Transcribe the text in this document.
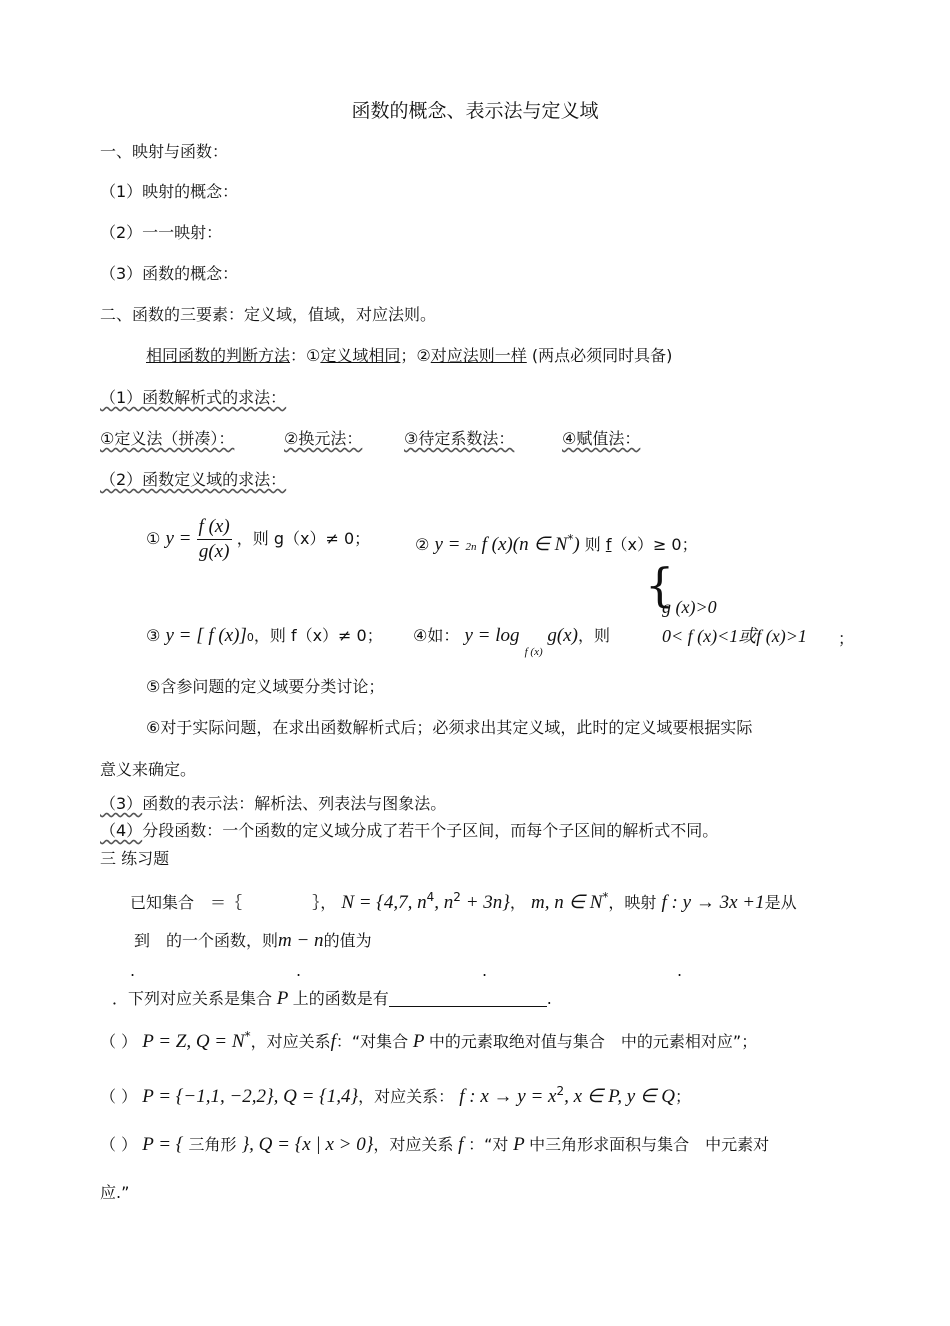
函数的概念、表示法与定义域
一、映射与函数：
（1）映射的概念：
（2）一一映射：
（3）函数的概念：
二、函数的三要素：定义域，值域，对应法则。
相同函数的判断方法：①定义域相同；②对应法则一样 (两点必须同时具备)
（1）函数解析式的求法：
①定义法（拼凑）：	②换元法：	③待定系数法：	④赋值法：
（2）函数定义域的求法：
① $y = \frac{f (x)}{g(x)}$ ，则 g（x）≠ 0；	② y = 2n f (x)(n ∈ N*) 则 f（x）≥ 0；
{
g (x)>0
③ y = [ f (x)]0，则 f（x）≠ 0； ④如： y = log $_{f (x)}$ g(x)，则	0< f (x)<1或f (x)>1 ；
⑤含参问题的定义域要分类讨论；
⑥对于实际问题，在求出函数解析式后；必须求出其定义域，此时的定义域要根据实际
意义来确定。
（3）函数的表示法：解析法、列表法与图象法。
（4）分段函数：一个函数的定义域分成了若干个子区间，而每个子区间的解析式不同。
三 练习题
已知集合　＝｛	｝， N = {4,7, $n^4$, $n^2 + 3n$}， m, n ∈ N*，映射 f : y → 3x +1是从
到　的一个函数，则m − n的值为
.	.	.	.
．下列对应关系是集合 P 上的函数是有	.
（ ） P = Z, Q = N*，对应关系f：“对集合 P 中的元素取绝对值与集合　中的元素相对应”；
（ ） P = {−1,1, −2,2}, Q = {1,4}，对应关系： f : $x \to y = x^2$, x ∈ P, y ∈ Q；
（ ） P = { 三角形 }, Q = {x | x > 0}，对应关系 f ：“对 P 中三角形求面积与集合　中元素对
应.”
